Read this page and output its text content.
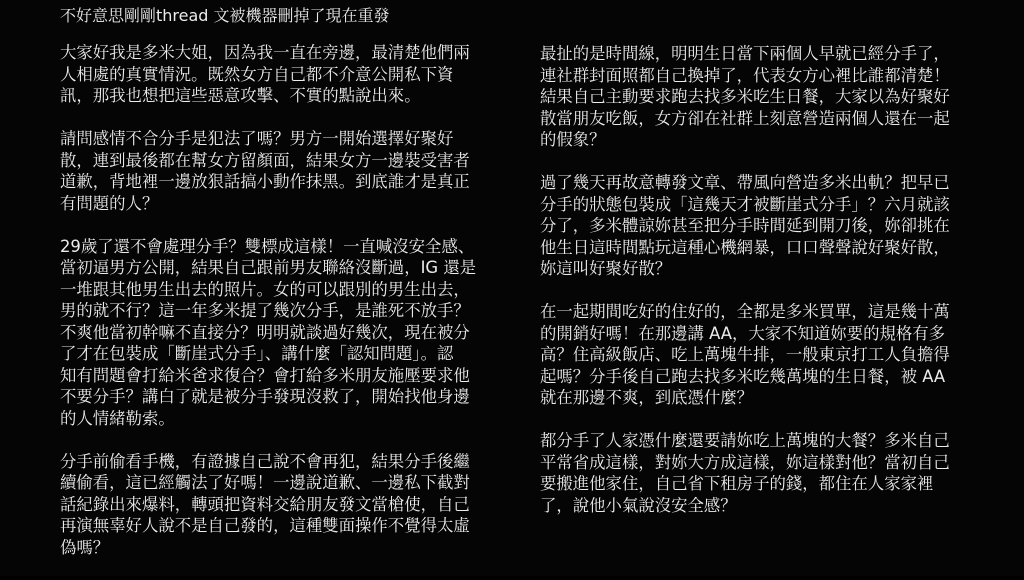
不好意思剛剛thread 文被機器刪掉了現在重發

大家好我是多米大姐，因為我一直在旁邊，最清楚他們兩
人相處的真實情況。既然女方自己都不介意公開私下資
訊，那我也想把這些惡意攻擊、不實的點說出來。

請問感情不合分手是犯法了嗎？男方一開始選擇好聚好
散，連到最後都在幫女方留顏面，結果女方一邊裝受害者
道歉，背地裡一邊放狠話搞小動作抹黑。到底誰才是真正
有問題的人？

29歲了還不會處理分手？雙標成這樣！一直喊沒安全感、
當初逼男方公開，結果自己跟前男友聯絡沒斷過，IG 還是
一堆跟其他男生出去的照片。女的可以跟別的男生出去，
男的就不行？這一年多米提了幾次分手，是誰死不放手？
不爽他當初幹嘛不直接分？明明就談過好幾次，現在被分
了才在包裝成「斷崖式分手」、講什麼「認知問題」。認
知有問題會打給米爸求復合？會打給多米朋友施壓要求他
不要分手？講白了就是被分手發現沒救了，開始找他身邊
的人情緒勒索。

分手前偷看手機，有證據自己說不會再犯，結果分手後繼
續偷看，這已經觸法了好嗎！一邊說道歉、一邊私下截對
話紀錄出來爆料，轉頭把資料交給朋友發文當槍使，自己
再演無辜好人說不是自己發的，這種雙面操作不覺得太虛
偽嗎？

最扯的是時間線，明明生日當下兩個人早就已經分手了，
連社群封面照都自己換掉了，代表女方心裡比誰都清楚！
結果自己主動要求跑去找多米吃生日餐，大家以為好聚好
散當朋友吃飯，女方卻在社群上刻意營造兩個人還在一起
的假象？

過了幾天再故意轉發文章、帶風向營造多米出軌？把早已
分手的狀態包裝成「這幾天才被斷崖式分手」？六月就該
分了，多米體諒妳甚至把分手時間延到開刀後，妳卻挑在
他生日這時間點玩這種心機網暴，口口聲聲說好聚好散，
妳這叫好聚好散？

在一起期間吃好的住好的，全都是多米買單，這是幾十萬
的開銷好嗎！在那邊講 AA，大家不知道妳要的規格有多
高？住高級飯店、吃上萬塊牛排，一般東京打工人負擔得
起嗎？分手後自己跑去找多米吃幾萬塊的生日餐，被 AA
就在那邊不爽，到底憑什麼？

都分手了人家憑什麼還要請妳吃上萬塊的大餐？多米自己
平常省成這樣，對妳大方成這樣，妳這樣對他？當初自己
要搬進他家住，自己省下租房子的錢，都住在人家家裡
了，說他小氣說沒安全感？
